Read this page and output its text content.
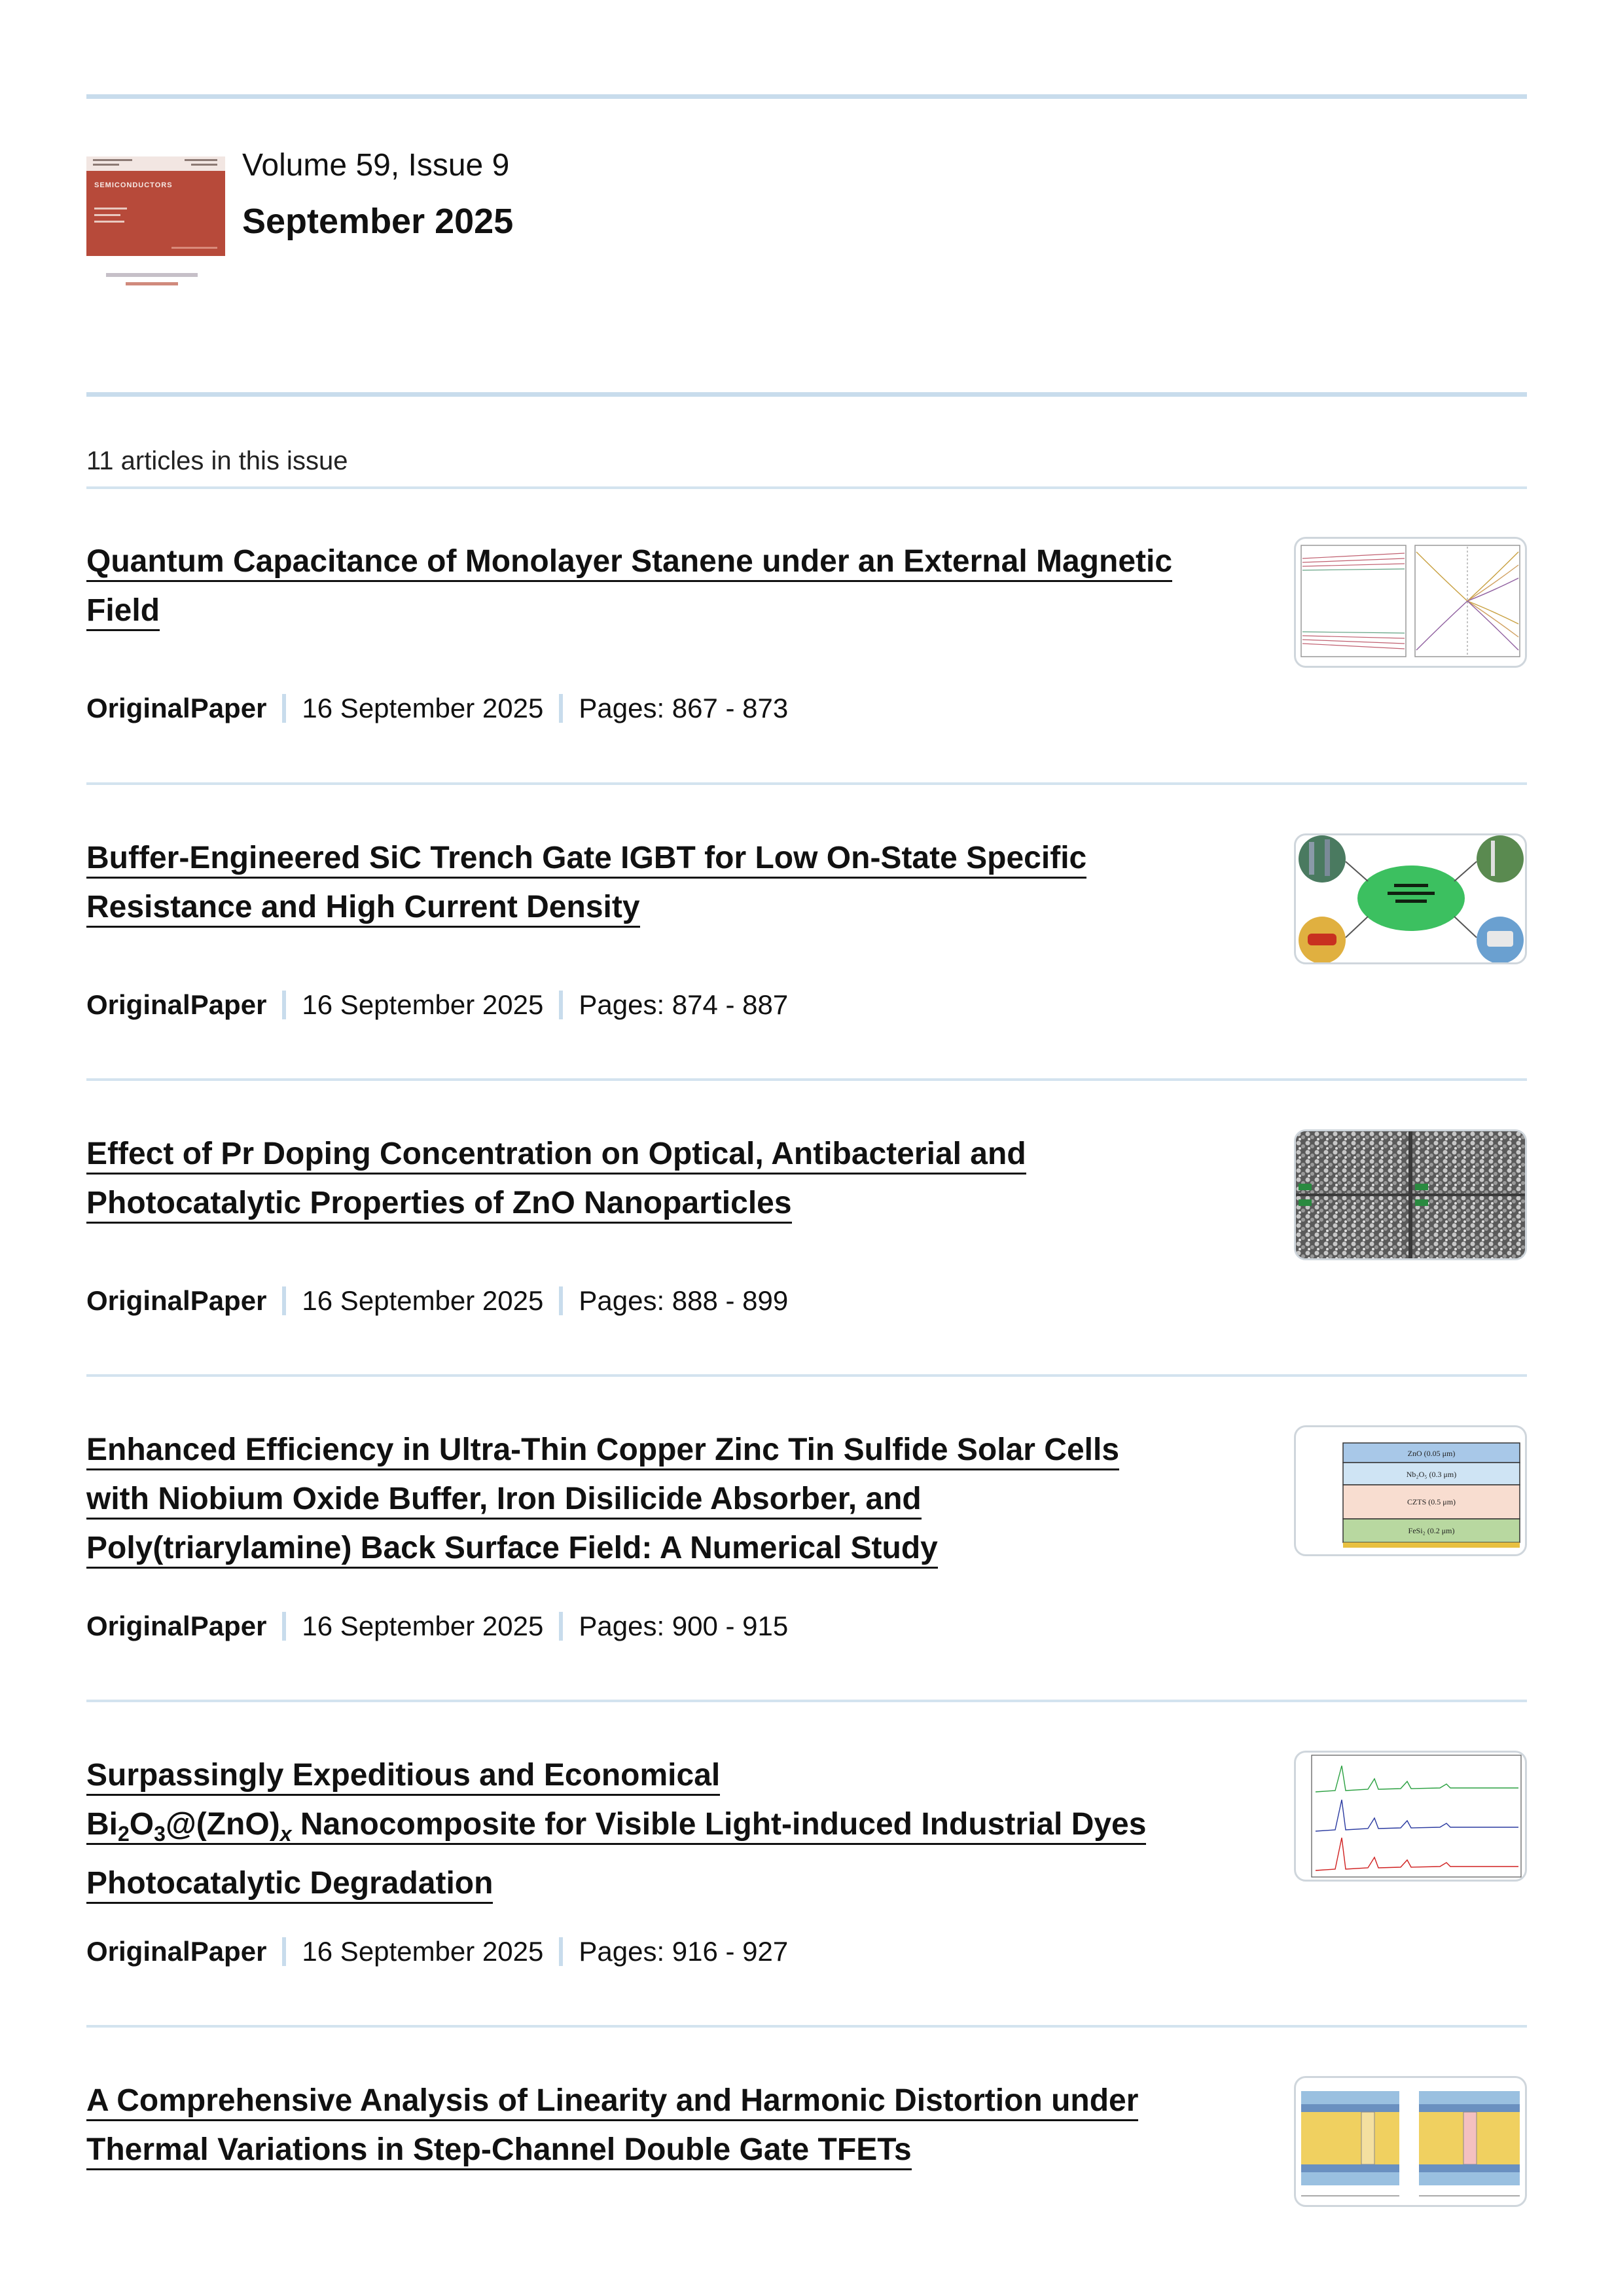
SEMICONDUCTORS
Volume 59, Issue 9
September 2025
11 articles in this issue
Quantum Capacitance of Monolayer Stanene under an External Magnetic
Field
OriginalPaper 16 September 2025 Pages: 867 - 873
Buffer-Engineered SiC Trench Gate IGBT for Low On-State Specific
Resistance and High Current Density
OriginalPaper 16 September 2025 Pages: 874 - 887
Effect of Pr Doping Concentration on Optical, Antibacterial and
Photocatalytic Properties of ZnO Nanoparticles
OriginalPaper 16 September 2025 Pages: 888 - 899
Enhanced Efficiency in Ultra-Thin Copper Zinc Tin Sulfide Solar Cells
with Niobium Oxide Buffer, Iron Disilicide Absorber, and
Poly(triarylamine) Back Surface Field: A Numerical Study
OriginalPaper 16 September 2025 Pages: 900 - 915
ZnO (0.05 μm)
Nb₂O₅ (0.3 μm)
CZTS (0.5 μm)
FeSi₂ (0.2 μm)
Surpassingly Expeditious and Economical
$Bi_2O_3@(ZnO)_x$ Nanocomposite for Visible Light-induced Industrial Dyes
Photocatalytic Degradation
OriginalPaper 16 September 2025 Pages: 916 - 927
A Comprehensive Analysis of Linearity and Harmonic Distortion under
Thermal Variations in Step-Channel Double Gate TFETs
